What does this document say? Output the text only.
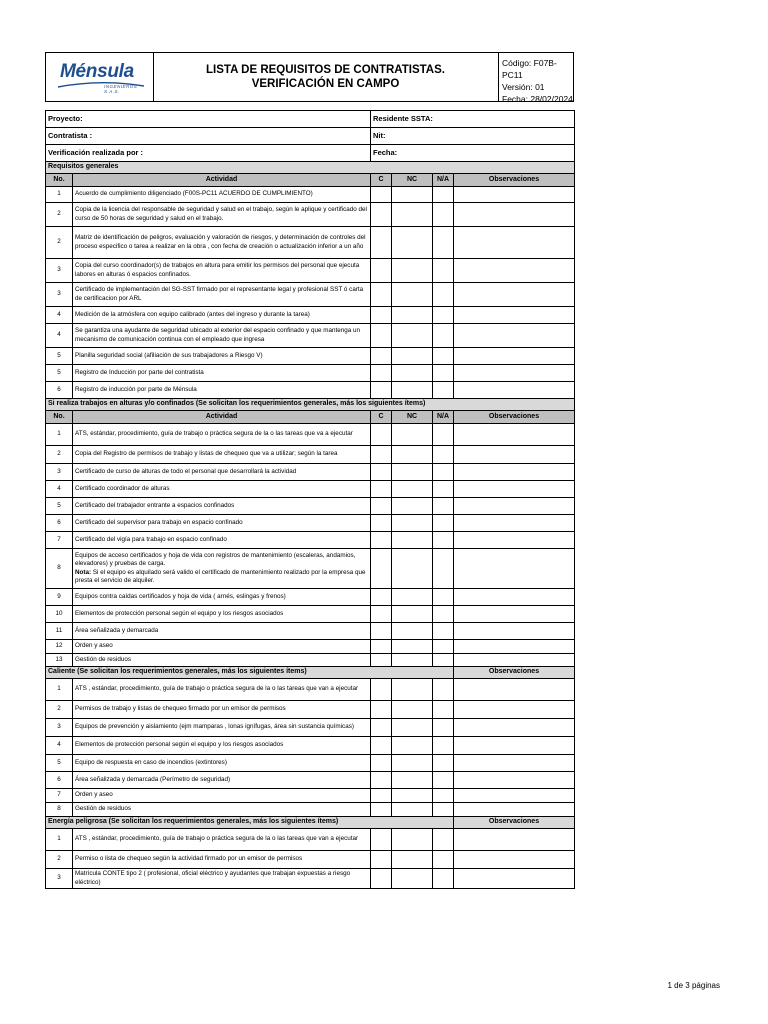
Ménsula
INGENIEROS S.A.S.
LISTA DE REQUISITOS DE CONTRATISTAS.
VERIFICACIÓN EN CAMPO
Código: F07B-PC11
Versión: 01
Fecha: 28/02/2024
Proyecto:		Residente SSTA:			
Contratista :		Nit:			
Verificación realizada por :		Fecha:			
Requisitos generales					
No.	Actividad	C	NC	N/A	Observaciones
1	Acuerdo de cumplimiento diligenciado (F00S-PC11 ACUERDO DE CUMPLIMIENTO)				
2	Copia de la licencia del responsable de seguridad y salud en el trabajo, según le aplique y certificado del curso de 50 horas de seguridad y salud en el trabajo.				
2	Matriz de identificación de peligros, evaluación y valoración de riesgos, y determinación de controles del proceso especifico o tarea a realizar en la obra , con fecha de creación o actualización inferior a un año				
3	Copia del curso coordinador(s) de trabajos en altura para emitir los permisos del personal que ejecuta labores en alturas ó espacios confinados.				
3	Certificado de implementación del SG-SST firmado por el representante legal y profesional SST ó carta de certificacion por ARL				
4	Medición de la atmósfera con equipo calibrado (antes del ingreso y durante la tarea)				
4	Se garantiza una ayudante de seguridad ubicado al exterior del espacio confinado y que mantenga un mecanismo de comunicación continua con el empleado que ingresa				
5	Planilla seguridad social (afiliación de sus trabajadores a Riesgo V)				
5	Registro de Inducción por parte del contratista				
6	Registro de inducción por parte de Ménsula				
Si realiza trabajos en alturas y/o confinados (Se solicitan los requerimientos generales, más los siguientes ítems)					
No.	Actividad	C	NC	N/A	Observaciones
1	ATS, estándar, procedimiento, guía de trabajo o práctica segura de la o las tareas que va a ejecutar				
2	Copia del Registro de permisos de trabajo y listas de chequeo que va a utilizar; según la tarea				
3	Certificado de curso de alturas de todo el personal que desarrollará la actividad				
4	Certificado coordinador de alturas				
5	Certificado del trabajador entrante a espacios confinados				
6	Certificado del supervisor para trabajo en espacio confinado				
7	Certificado del vigía para trabajo en espacio confinado				
8	Equipos de acceso certificados y hoja de vida con registros de mantenimiento (escaleras, andamios, elevadores) y pruebas de carga.
Nota: Si el equipo es alquilado será valido el certificado de mantenimiento realizado por la empresa que presta el servicio de alquiler.				
9	Equipos contra caídas certificados y hoja de vida ( arnés, eslingas y frenos)				
10	Elementos de protección personal según el equipo y los riesgos asociados				
11	Área señalizada y demarcada				
12	Orden y aseo				
13	Gestión de residuos				
Caliente (Se solicitan los requerimientos generales, más los siguientes ítems)					Observaciones
1	ATS , estándar, procedimiento, guía de trabajo o práctica segura de la o las tareas que van a ejecutar				
2	Permisos de trabajo y listas de chequeo firmado por un emisor de permisos				
3	Equipos de prevención y aislamiento (ejm mamparas , lonas ignífugas, área sin sustancia químicas)				
4	Elementos de protección personal según el equipo y los riesgos asociados				
5	Equipo de respuesta en caso de incendios (extintores)				
6	Área señalizada y demarcada (Perímetro de seguridad)				
7	Orden y aseo				
8	Gestión de residuos				
Energía peligrosa (Se solicitan los requerimientos generales, más los siguientes ítems)					Observaciones
1	ATS , estándar, procedimiento, guía de trabajo o práctica segura de la o las tareas que van a ejecutar				
2	Permiso o lista de chequeo según la actividad firmado por un emisor de permisos				
3	Matrícula CONTE tipo 2 ( profesional, oficial eléctrico y ayudantes que trabajan expuestas a riesgo eléctrico)				
1 de 3 páginas
